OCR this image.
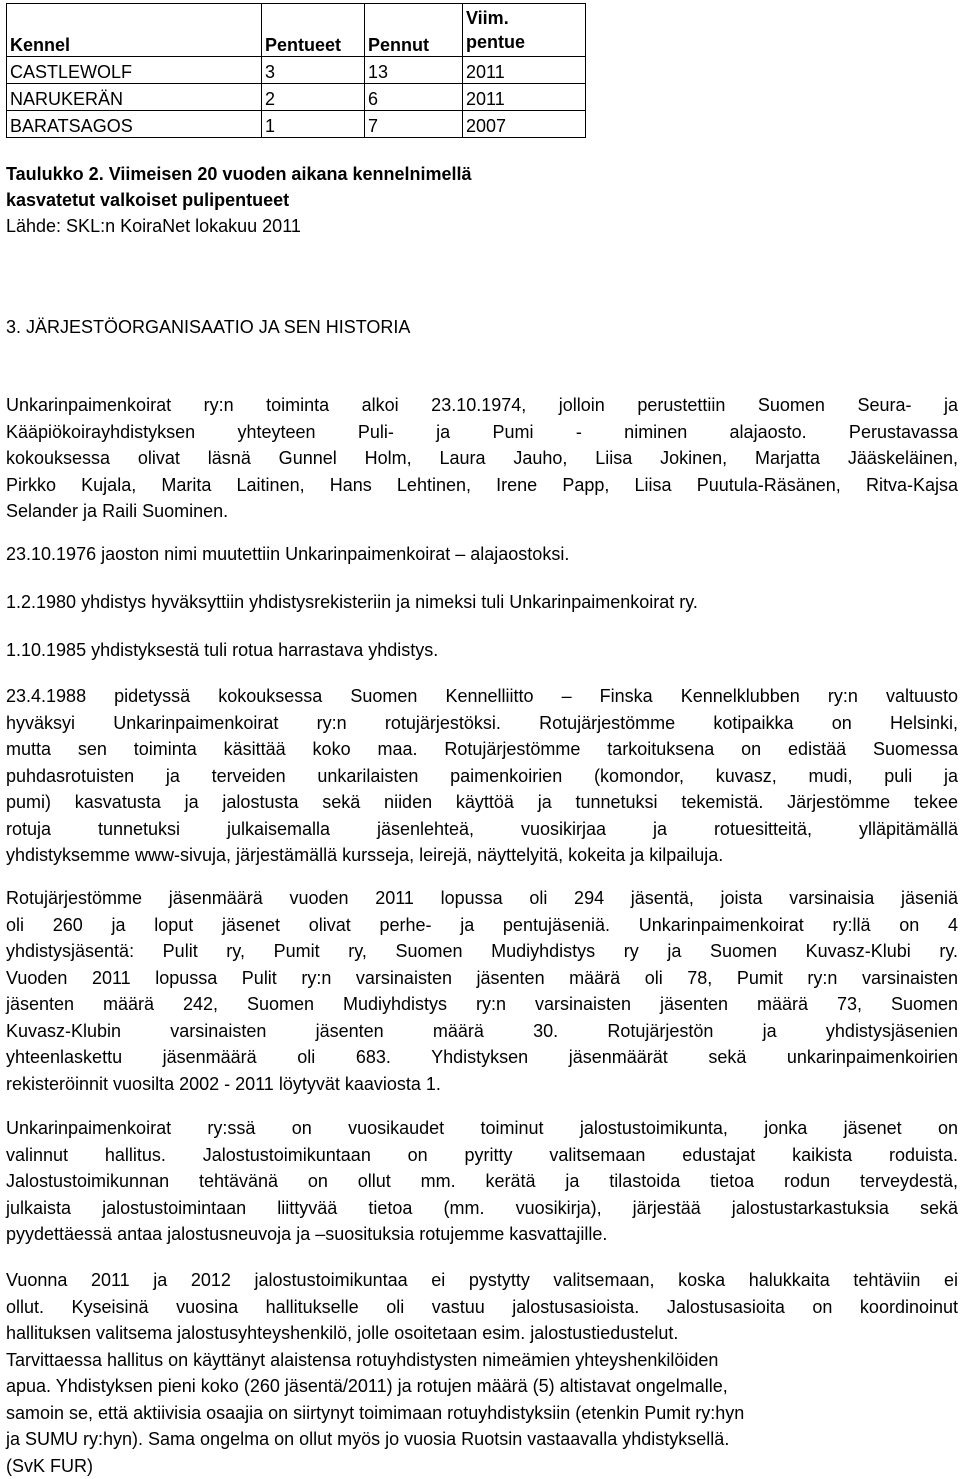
Kennel	Pentueet	Pennut	Viim.
pentue
CASTLEWOLF	3	13	2011
NARUKERÄN	2	6	2011
BARATSAGOS	1	7	2007
Taulukko 2. Viimeisen 20 vuoden aikana kennelnimellä
kasvatetut valkoiset pulipentueet
Lähde: SKL:n KoiraNet lokakuu 2011
3. JÄRJESTÖORGANISAATIO JA SEN HISTORIA
Unkarinpaimenkoirat ry:n toiminta alkoi 23.10.1974, jolloin perustettiin Suomen Seura- ja
Kääpiökoirayhdistyksen yhteyteen Puli- ja Pumi - niminen alajaosto. Perustavassa
kokouksessa olivat läsnä Gunnel Holm, Laura Jauho, Liisa Jokinen, Marjatta Jääskeläinen,
Pirkko Kujala, Marita Laitinen, Hans Lehtinen, Irene Papp, Liisa Puutula-Räsänen, Ritva-Kajsa
Selander ja Raili Suominen.
23.10.1976 jaoston nimi muutettiin Unkarinpaimenkoirat – alajaostoksi.
1.2.1980 yhdistys hyväksyttiin yhdistysrekisteriin ja nimeksi tuli Unkarinpaimenkoirat ry.
1.10.1985 yhdistyksestä tuli rotua harrastava yhdistys.
23.4.1988 pidetyssä kokouksessa Suomen Kennelliitto – Finska Kennelklubben ry:n valtuusto
hyväksyi Unkarinpaimenkoirat ry:n rotujärjestöksi. Rotujärjestömme kotipaikka on Helsinki,
mutta sen toiminta käsittää koko maa. Rotujärjestömme tarkoituksena on edistää Suomessa
puhdasrotuisten ja terveiden unkarilaisten paimenkoirien (komondor, kuvasz, mudi, puli ja
pumi) kasvatusta ja jalostusta sekä niiden käyttöä ja tunnetuksi tekemistä. Järjestömme tekee
rotuja tunnetuksi julkaisemalla jäsenlehteä, vuosikirjaa ja rotuesitteitä, ylläpitämällä
yhdistyksemme www-sivuja, järjestämällä kursseja, leirejä, näyttelyitä, kokeita ja kilpailuja.
Rotujärjestömme jäsenmäärä vuoden 2011 lopussa oli 294 jäsentä, joista varsinaisia jäseniä
oli 260 ja loput jäsenet olivat perhe- ja pentujäseniä. Unkarinpaimenkoirat ry:llä on 4
yhdistysjäsentä: Pulit ry, Pumit ry, Suomen Mudiyhdistys ry ja Suomen Kuvasz-Klubi ry.
Vuoden 2011 lopussa Pulit ry:n varsinaisten jäsenten määrä oli 78, Pumit ry:n varsinaisten
jäsenten määrä 242, Suomen Mudiyhdistys ry:n varsinaisten jäsenten määrä 73, Suomen
Kuvasz-Klubin varsinaisten jäsenten määrä 30. Rotujärjestön ja yhdistysjäsenien
yhteenlaskettu jäsenmäärä oli 683. Yhdistyksen jäsenmäärät sekä unkarinpaimenkoirien
rekisteröinnit vuosilta 2002 - 2011 löytyvät kaaviosta 1.
Unkarinpaimenkoirat ry:ssä on vuosikaudet toiminut jalostustoimikunta, jonka jäsenet on
valinnut hallitus. Jalostustoimikuntaan on pyritty valitsemaan edustajat kaikista roduista.
Jalostustoimikunnan tehtävänä on ollut mm. kerätä ja tilastoida tietoa rodun terveydestä,
julkaista jalostustoimintaan liittyvää tietoa (mm. vuosikirja), järjestää jalostustarkastuksia sekä
pyydettäessä antaa jalostusneuvoja ja –suosituksia rotujemme kasvattajille.
Vuonna 2011 ja 2012 jalostustoimikuntaa ei pystytty valitsemaan, koska halukkaita tehtäviin ei
ollut. Kyseisinä vuosina hallitukselle oli vastuu jalostusasioista. Jalostusasioita on koordinoinut
hallituksen valitsema jalostusyhteyshenkilö, jolle osoitetaan esim. jalostustiedustelut.
Tarvittaessa hallitus on käyttänyt alaistensa rotuyhdistysten nimeämien yhteyshenkilöiden
apua. Yhdistyksen pieni koko (260 jäsentä/2011) ja rotujen määrä (5) altistavat ongelmalle,
samoin se, että aktiivisia osaajia on siirtynyt toimimaan rotuyhdistyksiin (etenkin Pumit ry:hyn
ja SUMU ry:hyn). Sama ongelma on ollut myös jo vuosia Ruotsin vastaavalla yhdistyksellä.
(SvK FUR)
